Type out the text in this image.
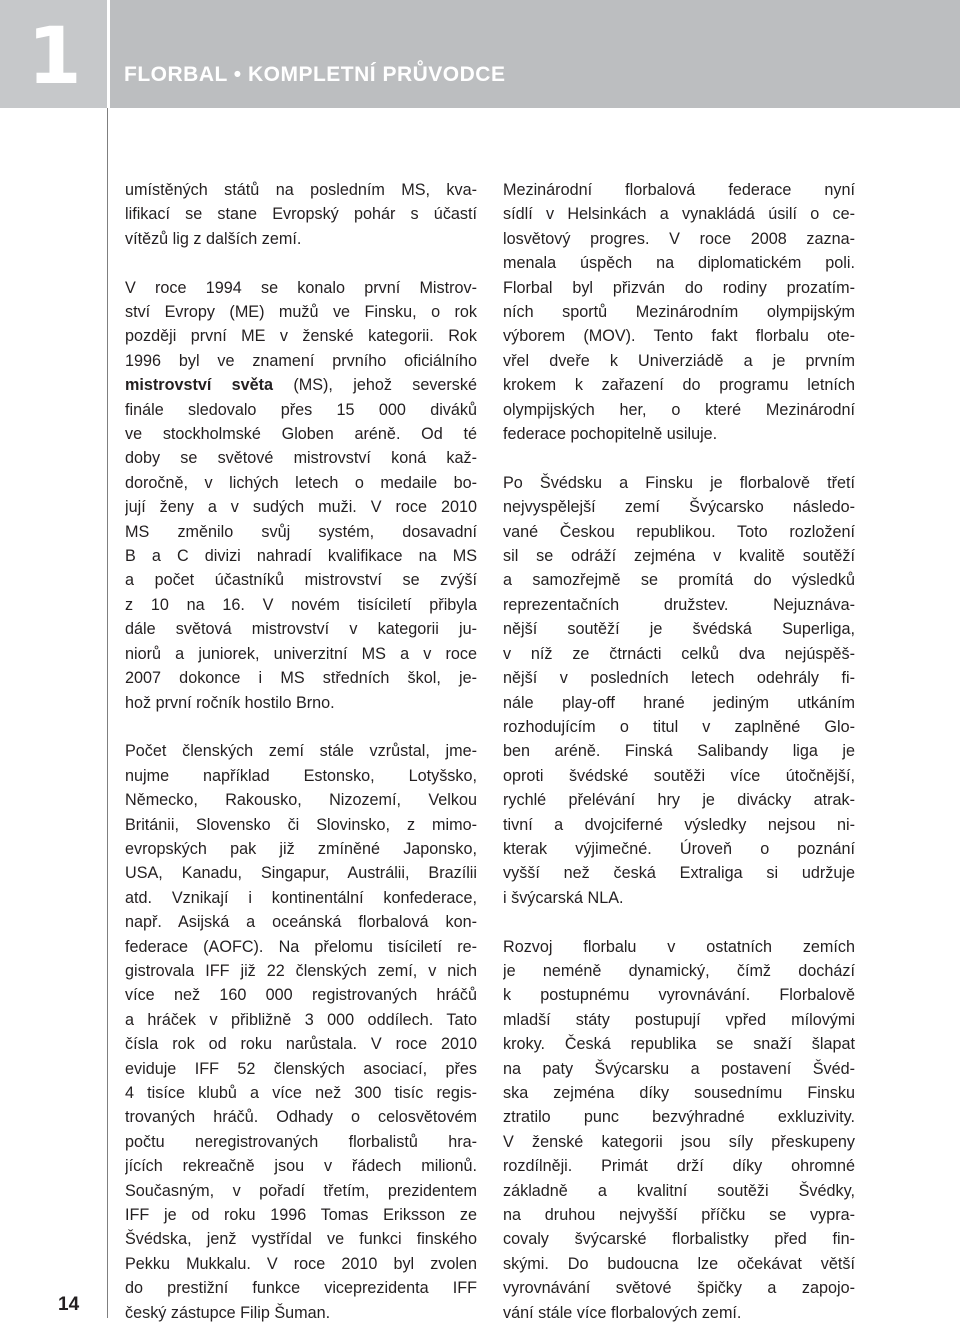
1	FLORBAL • KOMPLETNÍ PRŮVODCE
umístěných států na posledním MS, kva-
lifikací se stane Evropský pohár s účastí
vítězů lig z dalších zemí.
V roce 1994 se konalo první Mistrov-
ství Evropy (ME) mužů ve Finsku, o rok
později první ME v ženské kategorii. Rok
1996 byl ve znamení prvního oficiálního
mistrovství světa (MS), jehož severské
finále sledovalo přes 15 000 diváků
ve stockholmské Globen aréně. Od té
doby se světové mistrovství koná kaž-
doročně, v lichých letech o medaile bo-
jují ženy a v sudých muži. V roce 2010
MS změnilo svůj systém, dosavadní
B a C divizi nahradí kvalifikace na MS
a počet účastníků mistrovství se zvýší
z 10 na 16. V novém tisíciletí přibyla
dále světová mistrovství v kategorii ju-
niorů a juniorek, univerzitní MS a v roce
2007 dokonce i MS středních škol, je-
hož první ročník hostilo Brno.
Počet členských zemí stále vzrůstal, jme-
nujme například Estonsko, Lotyšsko,
Německo, Rakousko, Nizozemí, Velkou
Británii, Slovensko či Slovinsko, z mimo-
evropských pak již zmíněné Japonsko,
USA, Kanadu, Singapur, Austrálii, Brazílii
atd. Vznikají i kontinentální konfederace,
např. Asijská a oceánská florbalová kon-
federace (AOFC). Na přelomu tisíciletí re-
gistrovala IFF již 22 členských zemí, v nich
více než 160 000 registrovaných hráčů
a hráček v přibližně 3 000 oddílech. Tato
čísla rok od roku narůstala. V roce 2010
eviduje IFF 52 členských asociací, přes
4 tisíce klubů a více než 300 tisíc regis-
trovaných hráčů. Odhady o celosvětovém
počtu neregistrovaných florbalistů hra-
jících rekreačně jsou v řádech milionů.
Současným, v pořadí třetím, prezidentem
IFF je od roku 1996 Tomas Eriksson ze
Švédska, jenž vystřídal ve funkci finského
Pekku Mukkalu. V roce 2010 byl zvolen
do prestižní funkce viceprezidenta IFF
český zástupce Filip Šuman.
Mezinárodní florbalová federace nyní
sídlí v Helsinkách a vynakládá úsilí o ce-
losvětový progres. V roce 2008 zazna-
menala úspěch na diplomatickém poli.
Florbal byl přizván do rodiny prozatím-
ních sportů Mezinárodním olympijským
výborem (MOV). Tento fakt florbalu ote-
vřel dveře k Univerziádě a je prvním
krokem k zařazení do programu letních
olympijských her, o které Mezinárodní
federace pochopitelně usiluje.
Po Švédsku a Finsku je florbalově třetí
nejvyspělejší zemí Švýcarsko následo-
vané Českou republikou. Toto rozložení
sil se odráží zejména v kvalitě soutěží
a samozřejmě se promítá do výsledků
reprezentačních družstev. Nejuznáva-
nější soutěží je švédská Superliga,
v níž ze čtrnácti celků dva nejúspěš-
nější v posledních letech odehrály fi-
nále play-off hrané jediným utkáním
rozhodujícím o titul v zaplněné Glo-
ben aréně. Finská Salibandy liga je
oproti švédské soutěži více útočnější,
rychlé přelévání hry je divácky atrak-
tivní a dvojciferné výsledky nejsou ni-
kterak výjimečné. Úroveň o poznání
vyšší než česká Extraliga si udržuje
i švýcarská NLA.
Rozvoj florbalu v ostatních zemích
je neméně dynamický, čímž dochází
k postupnému vyrovnávání. Florbalově
mladší státy postupují vpřed mílovými
kroky. Česká republika se snaží šlapat
na paty Švýcarsku a postavení Švéd-
ska zejména díky sousednímu Finsku
ztratilo punc bezvýhradné exkluzivity.
V ženské kategorii jsou síly přeskupeny
rozdílněji. Primát drží díky ohromné
základně a kvalitní soutěži Švédky,
na druhou nejvyšší příčku se vypra-
covaly švýcarské florbalistky před fin-
skými. Do budoucna lze očekávat větší
vyrovnávání světové špičky a zapojo-
vání stále více florbalových zemí.
14
